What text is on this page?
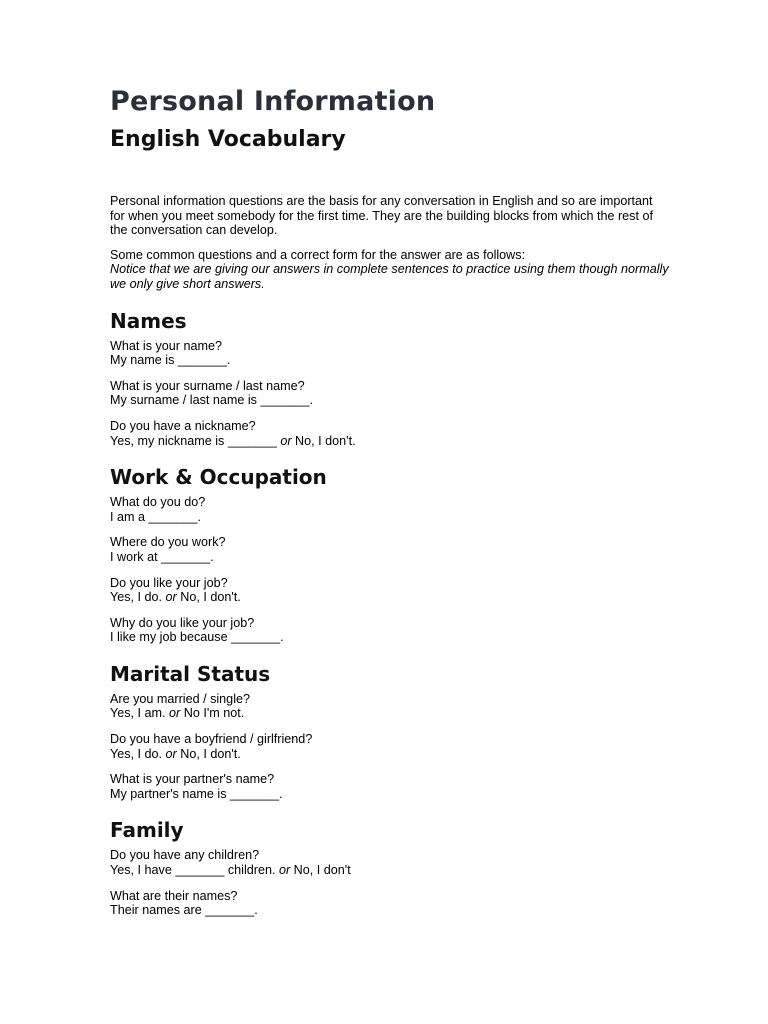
Personal Information
English Vocabulary

Personal information questions are the basis for any conversation in English and so are important for when you meet somebody for the first time. They are the building blocks from which the rest of the conversation can develop.

Some common questions and a correct form for the answer are as follows:
Notice that we are giving our answers in complete sentences to practice using them though normally we only give short answers.

Names

What is your name?
My name is _______.

What is your surname / last name?
My surname / last name is _______.

Do you have a nickname?
Yes, my nickname is _______ or No, I don't.

Work & Occupation

What do you do?
I am a _______.

Where do you work?
I work at _______.

Do you like your job?
Yes, I do. or No, I don't.

Why do you like your job?
I like my job because _______.

Marital Status

Are you married / single?
Yes, I am. or No I'm not.

Do you have a boyfriend / girlfriend?
Yes, I do. or No, I don't.

What is your partner's name?
My partner's name is _______.

Family

Do you have any children?
Yes, I have _______ children. or No, I don't

What are their names?
Their names are _______.
